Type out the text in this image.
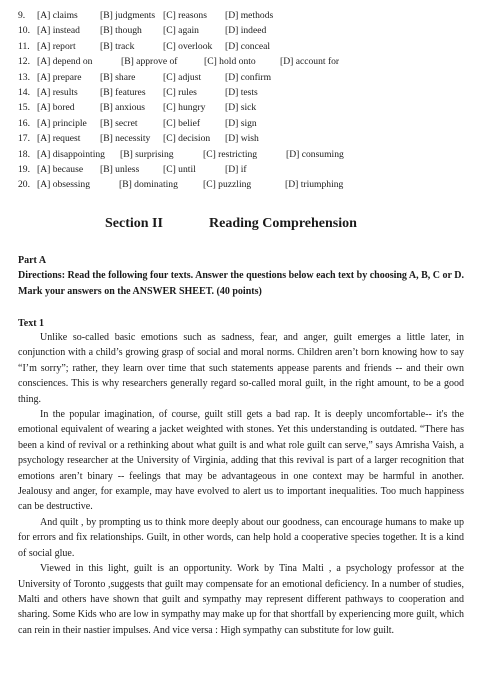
9. [A] claims [B] judgments [C] reasons [D] methods
10. [A] instead [B] though [C] again	[D] indeed
11. [A] report	[B] track	[C] overlook [D] conceal
12. [A] depend on	[B] approve of	[C] hold onto	[D] account for
13. [A] prepare [B] share	[C] adjust [D] confirm
14. [A] results [B] features [C] rules	[D] tests
15. [A] bored	[B] anxious [C] hungry [D] sick
16. [A] principle [B] secret	[C] belief	[D] sign
17. [A] request [B] necessity [C] decision [D] wish
18. [A] disappointing [B] surprising	[C] restricting	[D] consuming
19. [A] because [B] unless [C] until	[D] if
20. [A] obsessing	[B] dominating	[C] puzzling	[D] triumphing
Section II	Reading Comprehension
Part A
Directions: Read the following four texts. Answer the questions below each text by choosing A, B, C or D. Mark your answers on the ANSWER SHEET. (40 points)
Text 1

Unlike so-called basic emotions such as sadness, fear, and anger, guilt emerges a little later, in conjunction with a child’s growing grasp of social and moral norms. Children aren’t born knowing how to say “I’m sorry”; rather, they learn over time that such statements appease parents and friends -- and their own consciences. This is why researchers generally regard so-called moral guilt, in the right amount, to be a good thing.

In the popular imagination, of course, guilt still gets a bad rap. It is deeply uncomfortable-- it's the emotional equivalent of wearing a jacket weighted with stones. Yet this understanding is outdated. “There has been a kind of revival or a rethinking about what guilt is and what role guilt can serve,” says Amrisha Vaish, a psychology researcher at the University of Virginia, adding that this revival is part of a larger recognition that emotions aren’t binary -- feelings that may be advantageous in one context may be harmful in another. Jealousy and anger, for example, may have evolved to alert us to important inequalities. Too much happiness can be destructive.

And quilt , by prompting us to think more deeply about our goodness, can encourage humans to make up for errors and fix relationships. Guilt, in other words, can help hold a cooperative species together. It is a kind of social glue.

Viewed in this light, guilt is an opportunity. Work by Tina Malti , a psychology professor at the University of Toronto ,suggests that guilt may compensate for an emotional deficiency. In a number of studies, Malti and others have shown that guilt and sympathy may represent different pathways to cooperation and sharing. Some Kids who are low in sympathy may make up for that shortfall by experiencing more guilt, which can rein in their nastier impulses. And vice versa : High sympathy can substitute for low guilt.
